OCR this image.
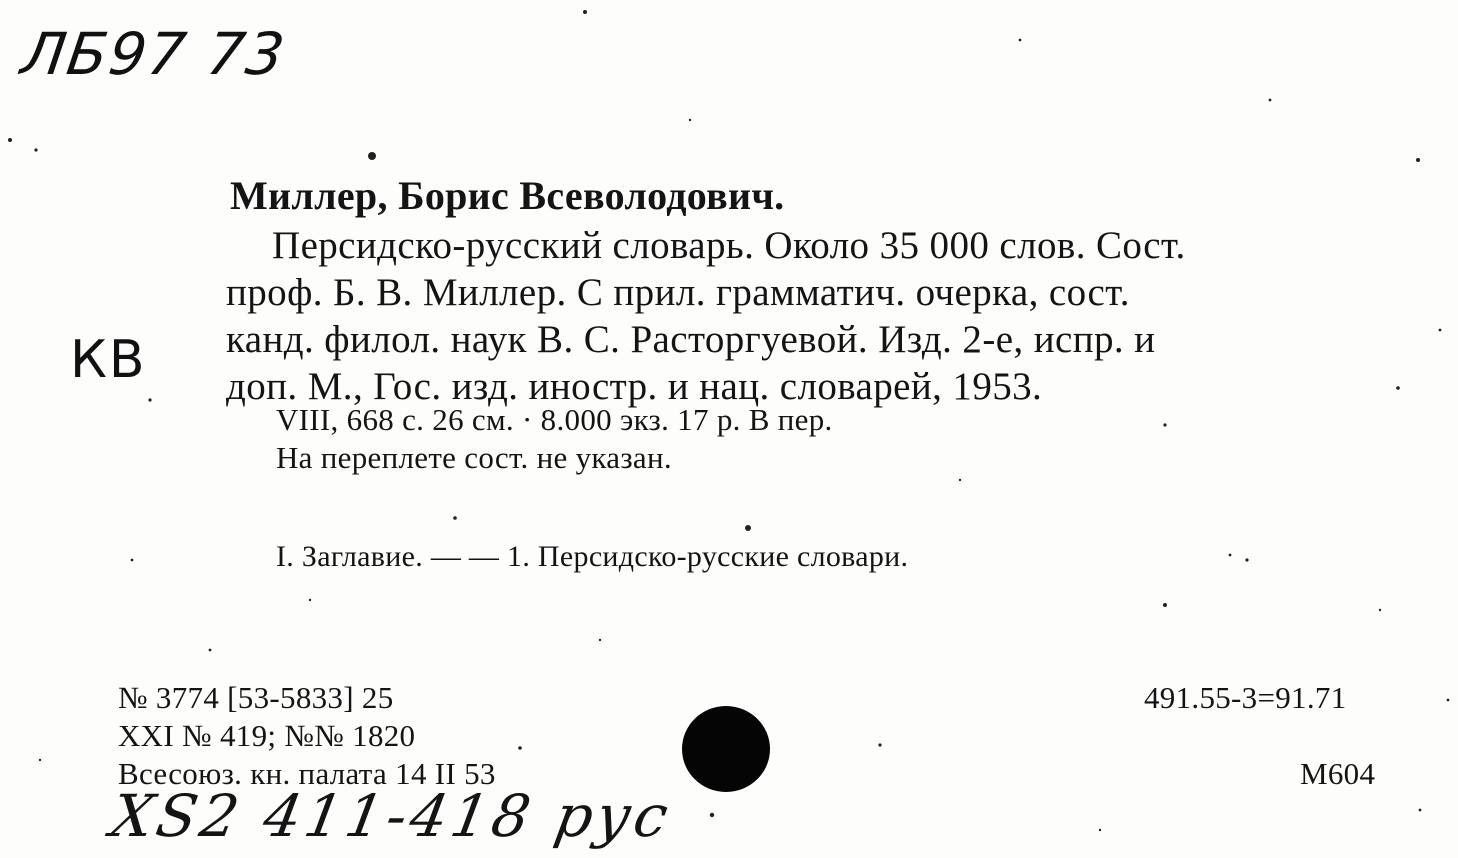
ЛБ97 73
КВ
Миллер, Борис Всеволодович.
Персидско-русский словарь. Около 35 000 слов. Сост.
проф. Б. В. Миллер. С прил. грамматич. очерка, сост.
канд. филол. наук В. С. Расторгуевой. Изд. 2-е, испр. и
доп. М., Гос. изд. иностр. и нац. словарей, 1953.
VIII, 668 с. 26 см. · 8.000 экз. 17 р. В пер.
На переплете сост. не указан.
I. Заглавие. — — 1. Персидско-русские словари.
№ 3774 [53-5833] 25
XXI № 419; №№ 1820
Всесоюз. кн. палата 14 II 53
491.55-3=91.71
М604
ХЅ2 411-418 рус
